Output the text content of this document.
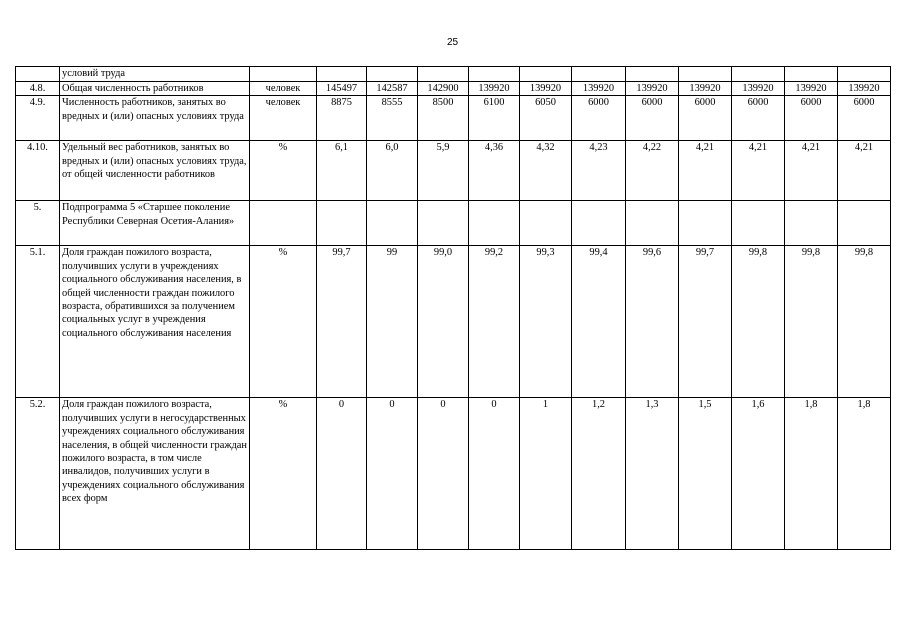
25
	условий труда												
4.8.	Общая численность работников	человек	145497	142587	142900	139920	139920	139920	139920	139920	139920	139920	139920
4.9.	Численность работников, занятых во вредных и (или) опасных условиях труда	человек	8875	8555	8500	6100	6050	6000	6000	6000	6000	6000	6000
4.10.	Удельный вес работников, занятых во вредных и (или) опасных условиях труда, от общей численности работников	%	6,1	6,0	5,9	4,36	4,32	4,23	4,22	4,21	4,21	4,21	4,21
5.	Подпрограмма 5 «Старшее поколение Республики Северная Осетия-Алания»												
5.1.	Доля граждан пожилого возраста, получивших услуги в учреждениях социального обслуживания населения, в общей численности граждан пожилого возраста, обратившихся за получением социальных услуг в учреждения социального обслуживания населения	%	99,7	99	99,0	99,2	99,3	99,4	99,6	99,7	99,8	99,8	99,8
5.2.	Доля граждан пожилого возраста, получивших услуги в негосударственных учреждениях социального обслуживания населения, в общей численности граждан пожилого возраста, в том числе инвалидов, получивших услуги в учреждениях социального обслуживания всех форм	%	0	0	0	0	1	1,2	1,3	1,5	1,6	1,8	1,8
